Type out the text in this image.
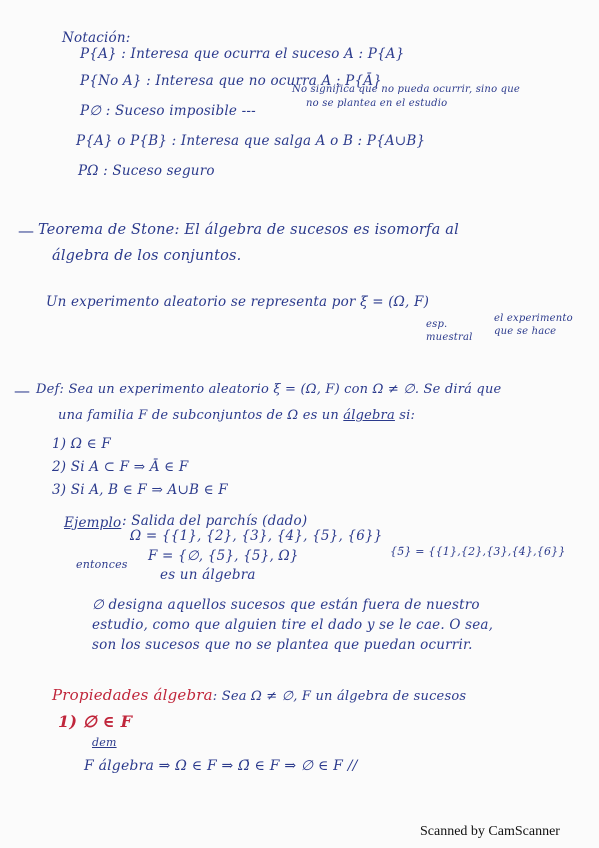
Notación:
P{A} : Interesa que ocurra el suceso A : P{A}
P{No A} : Interesa que no ocurra A : P{Ā}
P∅ : Suceso imposible ---
No significa que no pueda ocurrir, sino que
no se plantea en el estudio
P{A} o P{B} : Interesa que salga A o B : P{A∪B}
PΩ : Suceso seguro
— Teorema de Stone: El álgebra de sucesos es isomorfa al
álgebra de los conjuntos.
Un experimento aleatorio se representa por ξ = (Ω, F)
esp. muestral
el experimento que se hace
— Def: Sea un experimento aleatorio ξ = (Ω, F) con Ω ≠ ∅. Se dirá que
una familia F de subconjuntos de Ω es un álgebra si:
1) Ω ∈ F
2) Si A ⊂ F ⇒ Ā ∈ F
3) Si A, B ∈ F ⇒ A∪B ∈ F
Ejemplo : Salida del parchís (dado)
Ω = {{1}, {2}, {3}, {4}, {5}, {6}}
entonces
F = {∅, {5}, {5̄}, Ω}	{5̄} = {{1},{2},{3},{4},{6}}
es un álgebra
∅ designa aquellos sucesos que están fuera de nuestro
estudio, como que alguien tire el dado y se le cae. O sea,
son los sucesos que no se plantea que puedan ocurrir.
Propiedades álgebra: Sea Ω ≠ ∅, F un álgebra de sucesos
1) ∅ ∈ F
dem
F álgebra ⇒ Ω ∈ F ⇒ Ω̄ ∈ F ⇒ ∅ ∈ F //
Scanned by CamScanner
